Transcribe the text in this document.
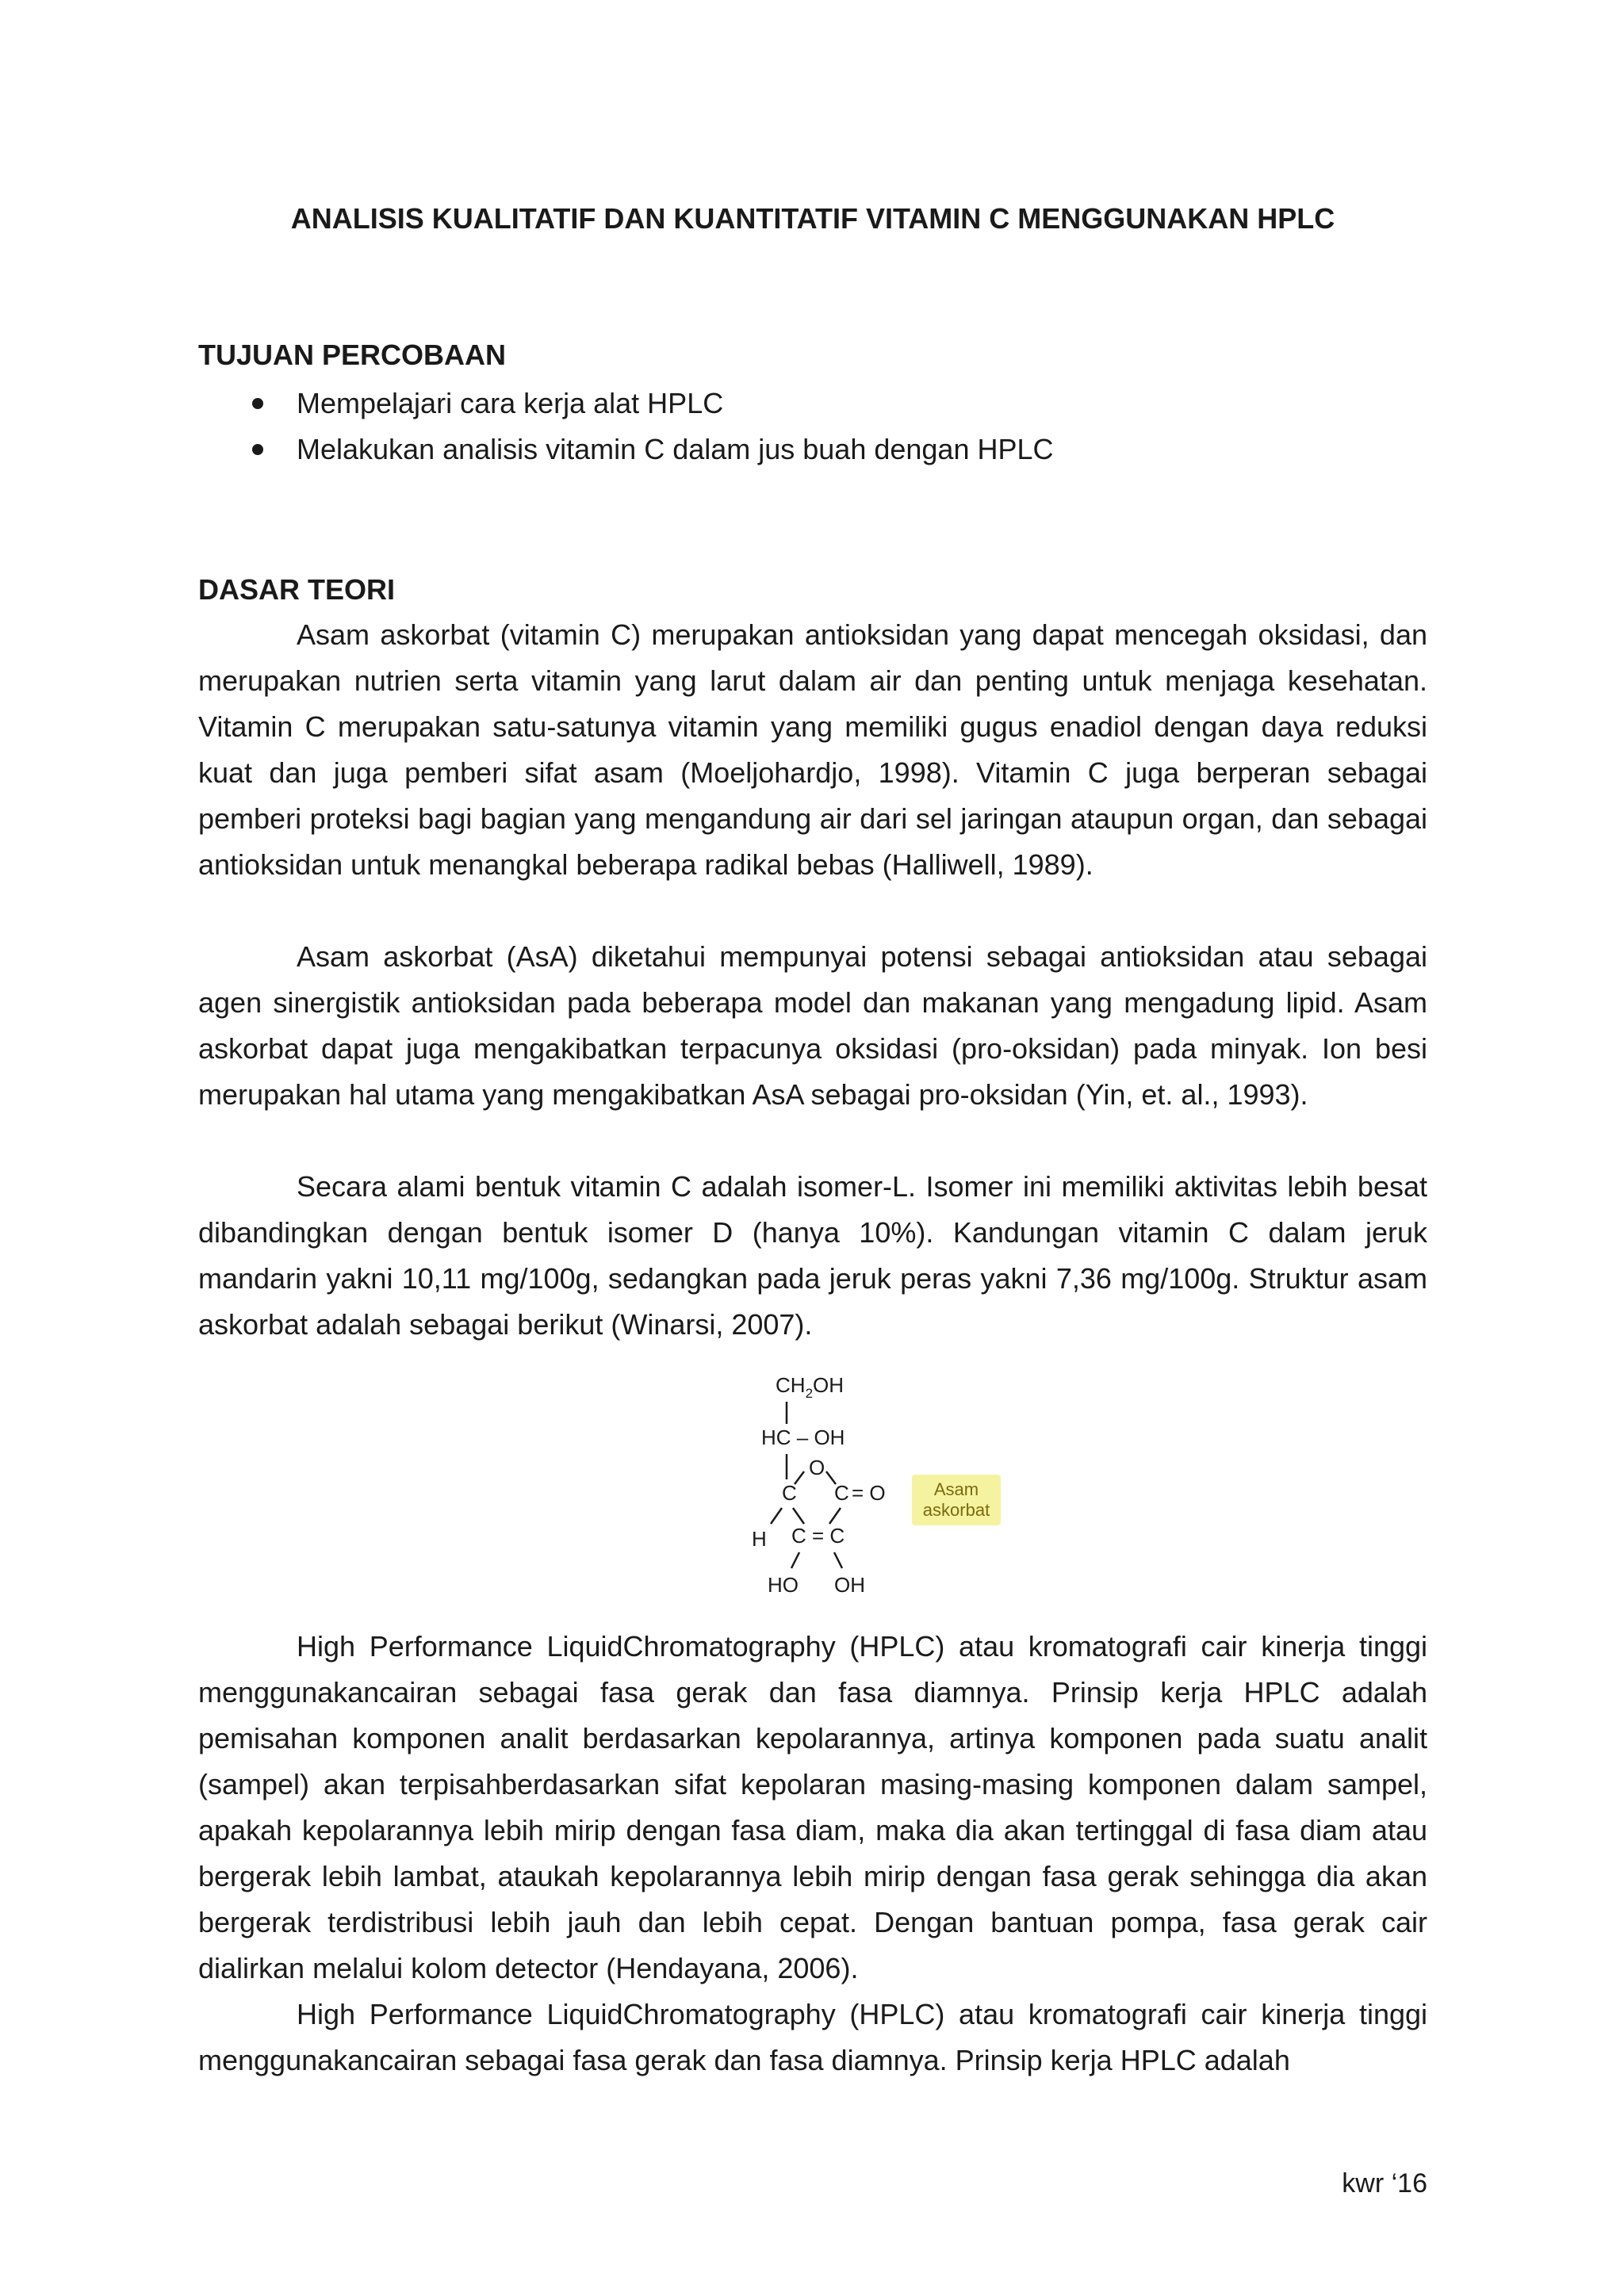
ANALISIS KUALITATIF DAN KUANTITATIF VITAMIN C MENGGUNAKAN HPLC
TUJUAN PERCOBAAN
Mempelajari cara kerja alat HPLC
Melakukan analisis vitamin C dalam jus buah dengan HPLC
DASAR TEORI

Asam askorbat (vitamin C) merupakan antioksidan yang dapat mencegah oksidasi, dan merupakan nutrien serta vitamin yang larut dalam air dan penting untuk menjaga kesehatan. Vitamin C merupakan satu-satunya vitamin yang memiliki gugus enadiol dengan daya reduksi kuat dan juga pemberi sifat asam (Moeljohardjo, 1998). Vitamin C juga berperan sebagai pemberi proteksi bagi bagian yang mengandung air dari sel jaringan ataupun organ, dan sebagai antioksidan untuk menangkal beberapa radikal bebas (Halliwell, 1989).

Asam askorbat (AsA) diketahui mempunyai potensi sebagai antioksidan atau sebagai agen sinergistik antioksidan pada beberapa model dan makanan yang mengadung lipid. Asam askorbat dapat juga mengakibatkan terpacunya oksidasi (pro-oksidan) pada minyak. Ion besi merupakan hal utama yang mengakibatkan AsA sebagai pro-oksidan (Yin, et. al., 1993).

Secara alami bentuk vitamin C adalah isomer-L. Isomer ini memiliki aktivitas lebih besat dibandingkan dengan bentuk isomer D (hanya 10%). Kandungan vitamin C dalam jeruk mandarin yakni 10,11 mg/100g, sedangkan pada jeruk peras yakni 7,36 mg/100g. Struktur asam askorbat adalah sebagai berikut (Winarsi, 2007).

$CH_2OH$
HC – OH
O
C C = O
H C = C
HO OH
Asam
askorbat

High Performance LiquidChromatography (HPLC) atau kromatografi cair kinerja tinggi menggunakancairan sebagai fasa gerak dan fasa diamnya. Prinsip kerja HPLC adalah pemisahan komponen analit berdasarkan kepolarannya, artinya komponen pada suatu analit (sampel) akan terpisahberdasarkan sifat kepolaran masing-masing komponen dalam sampel, apakah kepolarannya lebih mirip dengan fasa diam, maka dia akan tertinggal di fasa diam atau bergerak lebih lambat, ataukah kepolarannya lebih mirip dengan fasa gerak sehingga dia akan bergerak terdistribusi lebih jauh dan lebih cepat. Dengan bantuan pompa, fasa gerak cair dialirkan melalui kolom detector (Hendayana, 2006).

High Performance LiquidChromatography (HPLC) atau kromatografi cair kinerja tinggi menggunakancairan sebagai fasa gerak dan fasa diamnya. Prinsip kerja HPLC adalah

kwr ‘16
